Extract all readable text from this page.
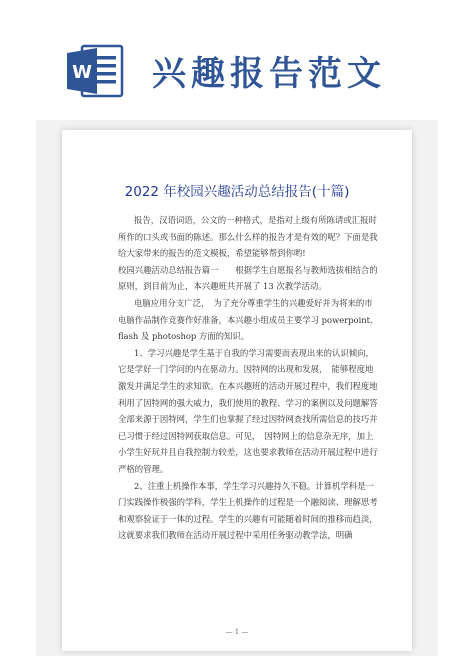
W 兴趣报告范文
2022 年校园兴趣活动总结报告(十篇)

报告，汉语词语，公文的一种格式，是指对上级有所陈请或汇报时所作的口头或书面的陈述。那么什么样的报告才是有效的呢？下面是我给大家带来的报告的范文模板，希望能够帮到你哟!

校园兴趣活动总结报告篇一　　根据学生自愿报名与教师选拔相结合的原则，到目前为止，本兴趣班共开展了 13 次教学活动。

电脑应用分支广泛，　为了充分尊重学生的兴趣爱好并为将来的市电脑作品制作竞赛作好准备，本兴趣小组成员主要学习 powerpoint、flash 及 photoshop 方面的知识。

1、学习兴趣是学生基于自我的学习需要而表现出来的认识倾向，它是学好一门学问的内在驱动力。因特网的出现和发展，　能够程度地激发并满足学生的求知欲。在本兴趣班的活动开展过程中，我们程度地利用了因特网的强大威力，我们使用的教程、学习的案例以及问题解答全部来源于因特网，学生们也掌握了经过因特网查找所需信息的技巧并已习惯于经过因特网获取信息。可见，　因特网上的信息杂无序，加上小学生好玩并且自我控制力较差，这也要求教师在活动开展过程中进行严格的管理。

2、注重上机操作本事，学生学习兴趣持久不稳。计算机学科是一门实践操作极强的学科，学生上机操作的过程是一个融阅读、理解思考和观察验证于一体的过程。学生的兴趣有可能随着时间的推移而趋淡，这就要求我们教师在活动开展过程中采用任务驱动教学法，明确

— 1 —
